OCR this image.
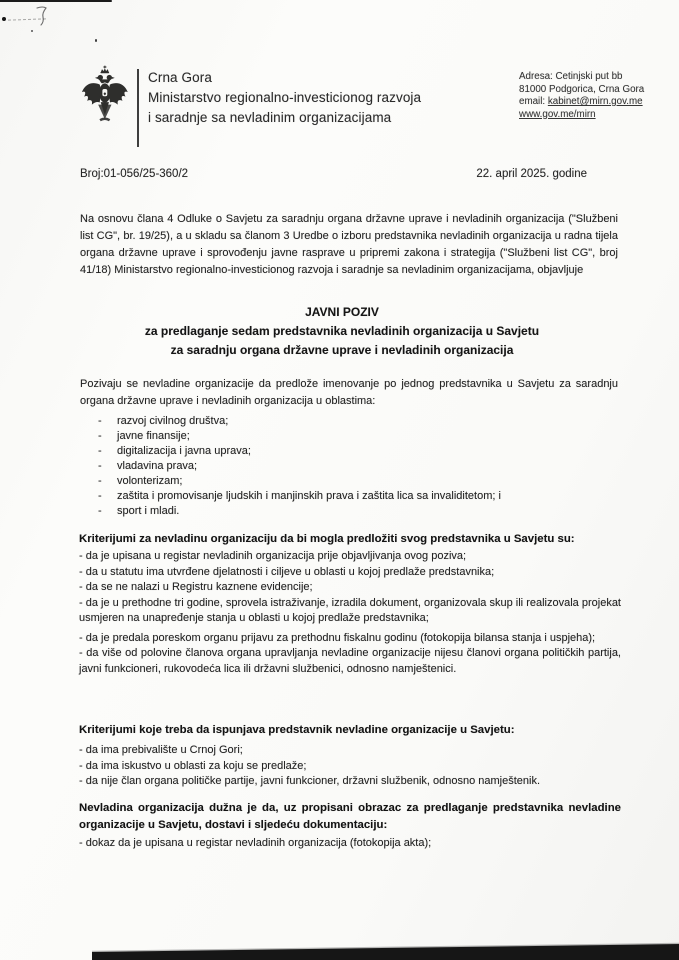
Crna Gora
Ministarstvo regionalno-investicionog razvoja
i saradnje sa nevladinim organizacijama
Adresa: Cetinjski put bb
81000 Podgorica, Crna Gora
email: kabinet@mirn.gov.me
www.gov.me/mirn
Broj:01-056/25-360/2	22. april 2025. godine

Na osnovu člana 4 Odluke o Savjetu za saradnju organa državne uprave i nevladinih organizacija ("Službeni list CG", br. 19/25), a u skladu sa članom 3 Uredbe o izboru predstavnika nevladinih organizacija u radna tijela organa državne uprave i sprovođenju javne rasprave u pripremi zakona i strategija ("Službeni list CG", broj 41/18) Ministarstvo regionalno-investicionog razvoja i saradnje sa nevladinim organizacijama, objavljuje

JAVNI POZIV
za predlaganje sedam predstavnika nevladinih organizacija u Savjetu
za saradnju organa državne uprave i nevladinih organizacija

Pozivaju se nevladine organizacije da predlože imenovanje po jednog predstavnika u Savjetu za saradnju organa državne uprave i nevladinih organizacija u oblastima:

- razvoj civilnog društva;
- javne finansije;
- digitalizacija i javna uprava;
- vladavina prava;
- volonterizam;
- zaštita i promovisanje ljudskih i manjinskih prava i zaštita lica sa invaliditetom; i
- sport i mladi.

Kriterijumi za nevladinu organizaciju da bi mogla predložiti svog predstavnika u Savjetu su:

- da je upisana u registar nevladinih organizacija prije objavljivanja ovog poziva;

- da u statutu ima utvrđene djelatnosti i ciljeve u oblasti u kojoj predlaže predstavnika;

- da se ne nalazi u Registru kaznene evidencije;

- da je u prethodne tri godine, sprovela istraživanje, izradila dokument, organizovala skup ili realizovala projekat usmjeren na unapređenje stanja u oblasti u kojoj predlaže predstavnika;

- da je predala poreskom organu prijavu za prethodnu fiskalnu godinu (fotokopija bilansa stanja i uspjeha);

- da više od polovine članova organa upravljanja nevladine organizacije nijesu članovi organa političkih partija, javni funkcioneri, rukovodeća lica ili državni službenici, odnosno namještenici.

Kriterijumi koje treba da ispunjava predstavnik nevladine organizacije u Savjetu:

- da ima prebivalište u Crnoj Gori;

- da ima iskustvo u oblasti za koju se predlaže;

- da nije član organa političke partije, javni funkcioner, državni službenik, odnosno namještenik.

Nevladina organizacija dužna je da, uz propisani obrazac za predlaganje predstavnika nevladine organizacije u Savjetu, dostavi i sljedeću dokumentaciju:

- dokaz da je upisana u registar nevladinih organizacija (fotokopija akta);
